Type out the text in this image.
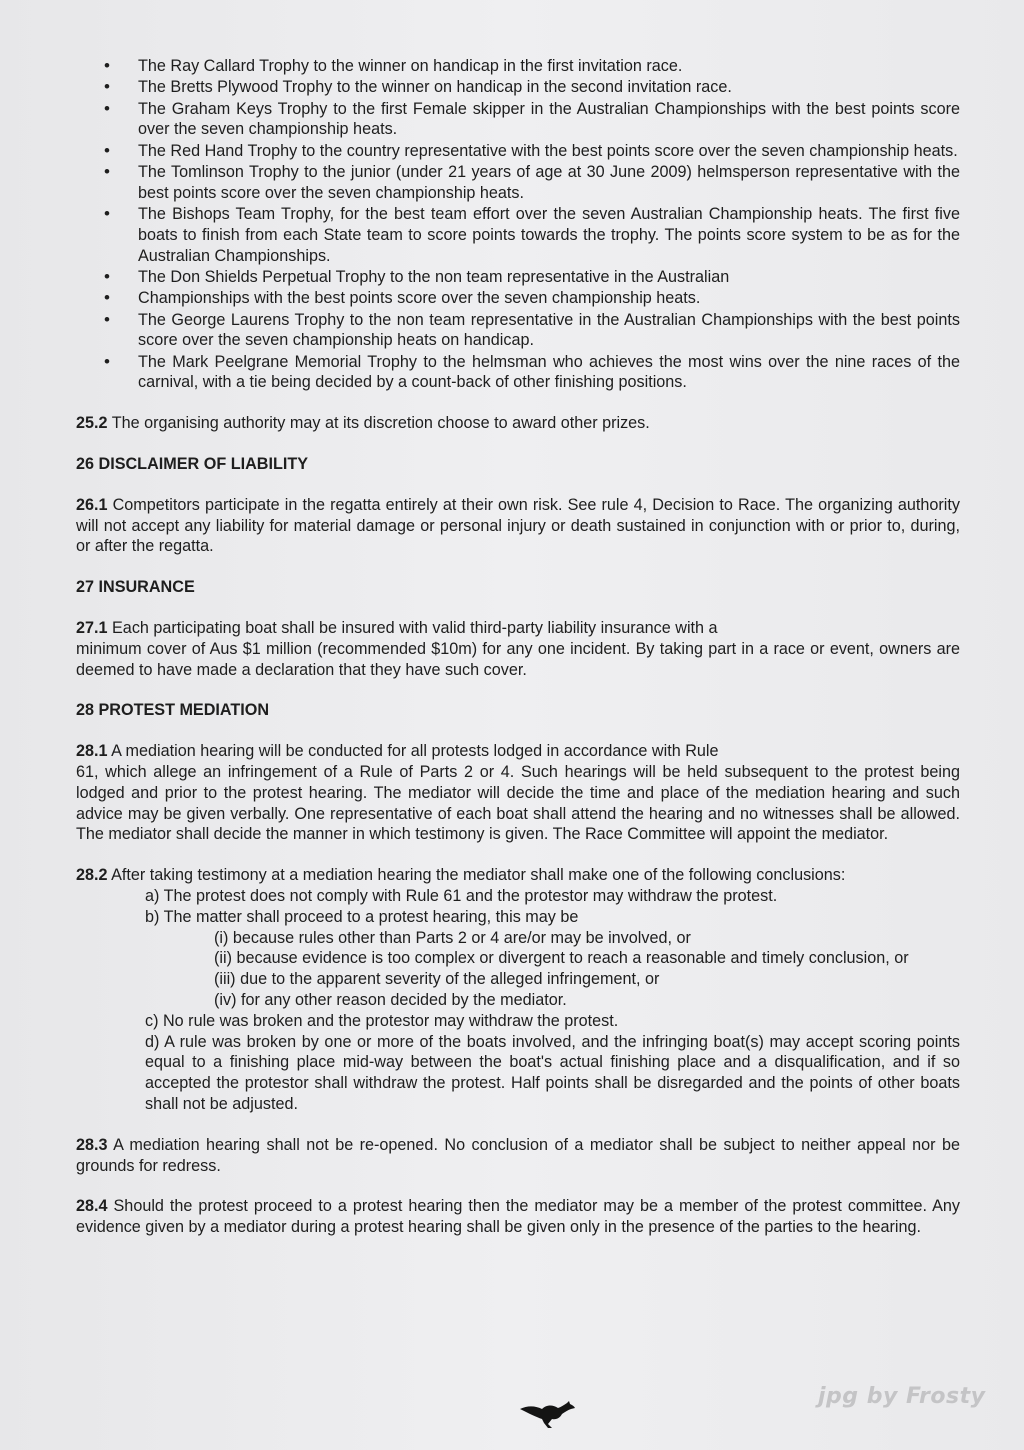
• The Ray Callard Trophy to the winner on handicap in the first invitation race.
• The Bretts Plywood Trophy to the winner on handicap in the second invitation race.
• The Graham Keys Trophy to the first Female skipper in the Australian Championships with the best points score over the seven championship heats.
• The Red Hand Trophy to the country representative with the best points score over the seven championship heats.
• The Tomlinson Trophy to the junior (under 21 years of age at 30 June 2009) helmsperson representative with the best points score over the seven championship heats.
• The Bishops Team Trophy, for the best team effort over the seven Australian Championship heats. The first five boats to finish from each State team to score points towards the trophy. The points score system to be as for the Australian Championships.
• The Don Shields Perpetual Trophy to the non team representative in the Australian
• Championships with the best points score over the seven championship heats.
• The George Laurens Trophy to the non team representative in the Australian Championships with the best points score over the seven championship heats on handicap.
• The Mark Peelgrane Memorial Trophy to the helmsman who achieves the most wins over the nine races of the carnival, with a tie being decided by a count-back of other finishing positions.

25.2 The organising authority may at its discretion choose to award other prizes.

26 DISCLAIMER OF LIABILITY

26.1 Competitors participate in the regatta entirely at their own risk. See rule 4, Decision to Race. The organizing authority will not accept any liability for material damage or personal injury or death sustained in conjunction with or prior to, during, or after the regatta.

27 INSURANCE

27.1 Each participating boat shall be insured with valid third-party liability insurance with a

minimum cover of Aus $1 million (recommended $10m) for any one incident. By taking part in a race or event, owners are deemed to have made a declaration that they have such cover.

28 PROTEST MEDIATION

28.1 A mediation hearing will be conducted for all protests lodged in accordance with Rule

61, which allege an infringement of a Rule of Parts 2 or 4. Such hearings will be held subsequent to the protest being lodged and prior to the protest hearing. The mediator will decide the time and place of the mediation hearing and such advice may be given verbally. One representative of each boat shall attend the hearing and no witnesses shall be allowed. The mediator shall decide the manner in which testimony is given. The Race Committee will appoint the mediator.

28.2 After taking testimony at a mediation hearing the mediator shall make one of the following conclusions:

a) The protest does not comply with Rule 61 and the protestor may withdraw the protest.

b) The matter shall proceed to a protest hearing, this may be

(i) because rules other than Parts 2 or 4 are/or may be involved, or

(ii) because evidence is too complex or divergent to reach a reasonable and timely conclusion, or

(iii) due to the apparent severity of the alleged infringement, or

(iv) for any other reason decided by the mediator.

c) No rule was broken and the protestor may withdraw the protest.

d) A rule was broken by one or more of the boats involved, and the infringing boat(s) may accept scoring points equal to a finishing place mid-way between the boat's actual finishing place and a disqualification, and if so accepted the protestor shall withdraw the protest. Half points shall be disregarded and the points of other boats shall not be adjusted.

28.3 A mediation hearing shall not be re-opened. No conclusion of a mediator shall be subject to neither appeal nor be grounds for redress.

28.4 Should the protest proceed to a protest hearing then the mediator may be a member of the protest committee. Any evidence given by a mediator during a protest hearing shall be given only in the presence of the parties to the hearing.

jpg by Frosty
